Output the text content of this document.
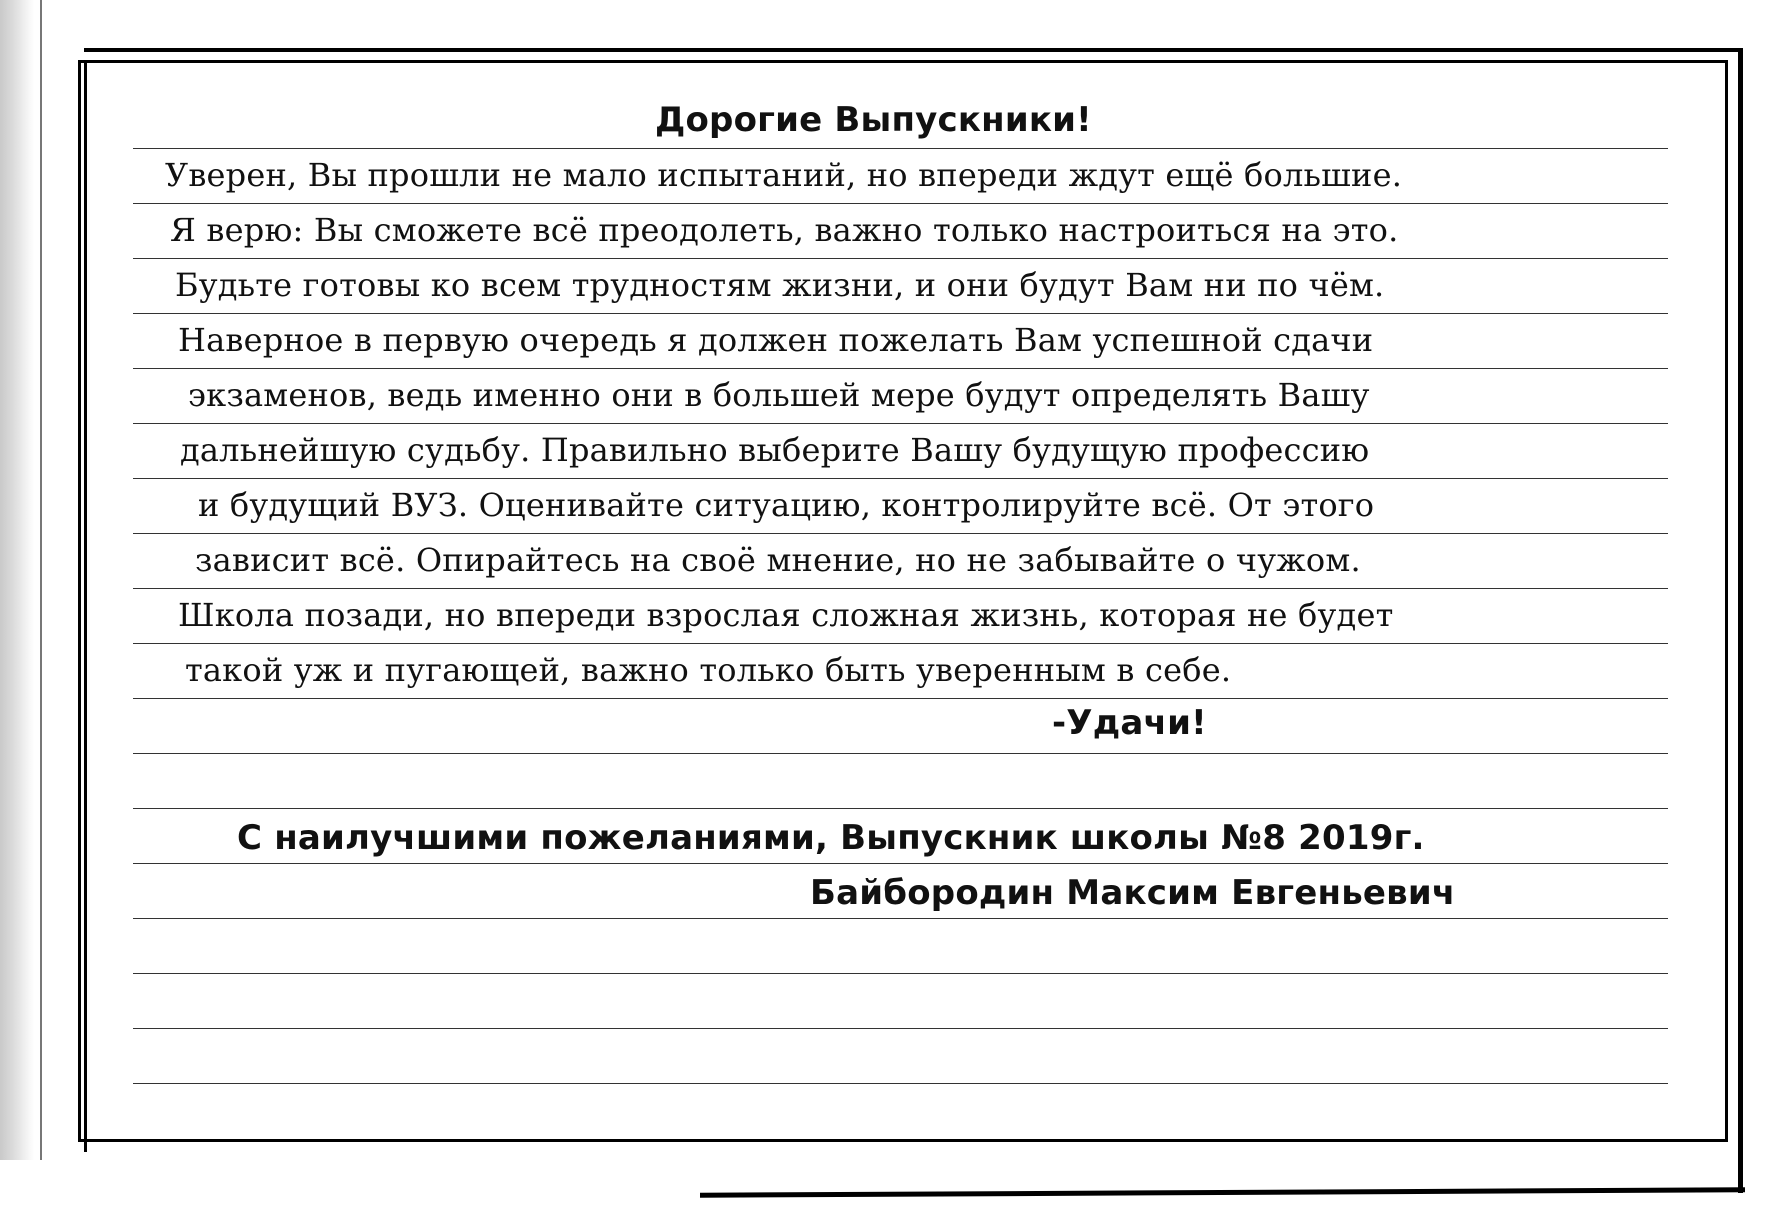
Дорогие Выпускники!
Уверен, Вы прошли не мало испытаний, но впереди ждут ещё большие.
Я верю: Вы сможете всё преодолеть, важно только настроиться на это.
Будьте готовы ко всем трудностям жизни, и они будут Вам ни по чём.
Наверное в первую очередь я должен пожелать Вам успешной сдачи
экзаменов, ведь именно они в большей мере будут определять Вашу
дальнейшую судьбу. Правильно выберите Вашу будущую профессию
и будущий ВУЗ. Оценивайте ситуацию, контролируйте всё. От этого
зависит всё. Опирайтесь на своё мнение, но не забывайте о чужом.
Школа позади, но впереди взрослая сложная жизнь, которая не будет
такой уж и пугающей, важно только быть уверенным в себе.
-Удачи!
С наилучшими пожеланиями, Выпускник школы №8 2019г.
Байбородин Максим Евгеньевич
